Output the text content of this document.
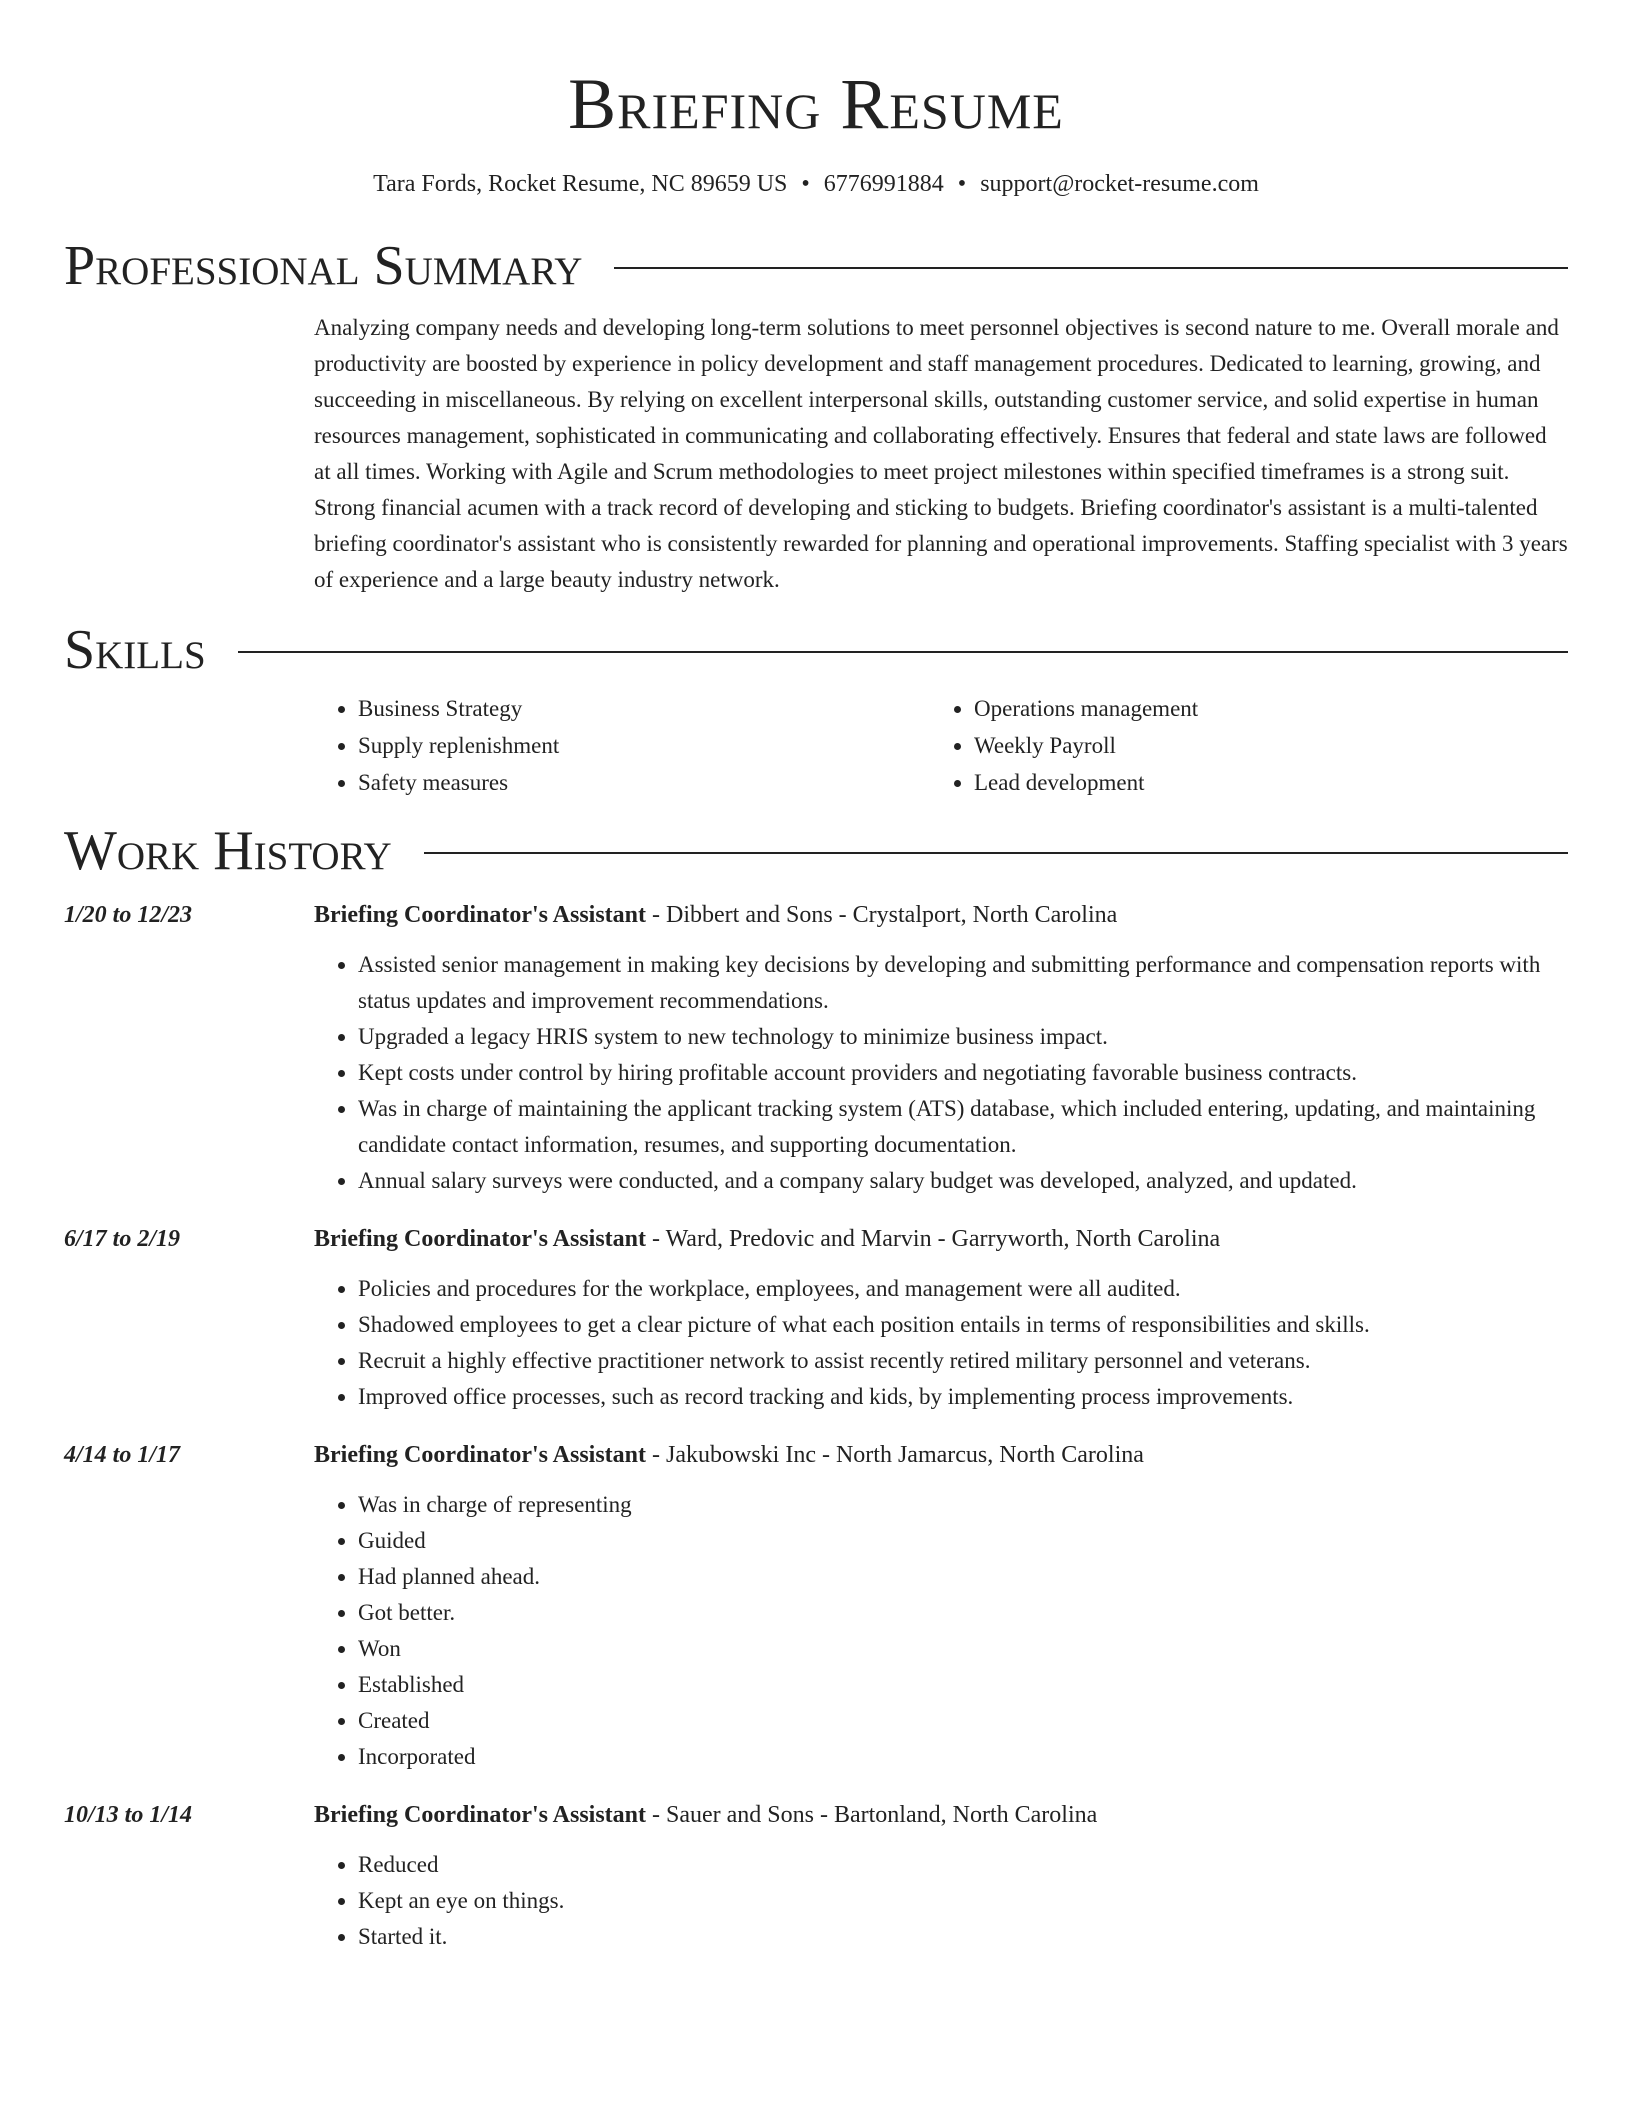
Briefing Resume
Tara Fords, Rocket Resume, NC 89659 US • 6776991884 • support@rocket-resume.com
Professional Summary

Analyzing company needs and developing long-term solutions to meet personnel objectives is second nature to me. Overall morale and productivity are boosted by experience in policy development and staff management procedures. Dedicated to learning, growing, and succeeding in miscellaneous. By relying on excellent interpersonal skills, outstanding customer service, and solid expertise in human resources management, sophisticated in communicating and collaborating effectively. Ensures that federal and state laws are followed at all times. Working with Agile and Scrum methodologies to meet project milestones within specified timeframes is a strong suit. Strong financial acumen with a track record of developing and sticking to budgets. Briefing coordinator's assistant is a multi-talented briefing coordinator's assistant who is consistently rewarded for planning and operational improvements. Staffing specialist with 3 years of experience and a large beauty industry network.

Skills
• Business Strategy
• Supply replenishment
• Safety measures
• Operations management
• Weekly Payroll
• Lead development
Work History
1/20 to 12/23	Briefing Coordinator's Assistant - Dibbert and Sons - Crystalport, North Carolina
• Assisted senior management in making key decisions by developing and submitting performance and compensation reports with status updates and improvement recommendations.
• Upgraded a legacy HRIS system to new technology to minimize business impact.
• Kept costs under control by hiring profitable account providers and negotiating favorable business contracts.
• Was in charge of maintaining the applicant tracking system (ATS) database, which included entering, updating, and maintaining candidate contact information, resumes, and supporting documentation.
• Annual salary surveys were conducted, and a company salary budget was developed, analyzed, and updated.
6/17 to 2/19	Briefing Coordinator's Assistant - Ward, Predovic and Marvin - Garryworth, North Carolina
• Policies and procedures for the workplace, employees, and management were all audited.
• Shadowed employees to get a clear picture of what each position entails in terms of responsibilities and skills.
• Recruit a highly effective practitioner network to assist recently retired military personnel and veterans.
• Improved office processes, such as record tracking and kids, by implementing process improvements.
4/14 to 1/17	Briefing Coordinator's Assistant - Jakubowski Inc - North Jamarcus, North Carolina
• Was in charge of representing
• Guided
• Had planned ahead.
• Got better.
• Won
• Established
• Created
• Incorporated
10/13 to 1/14	Briefing Coordinator's Assistant - Sauer and Sons - Bartonland, North Carolina
• Reduced
• Kept an eye on things.
• Started it.
